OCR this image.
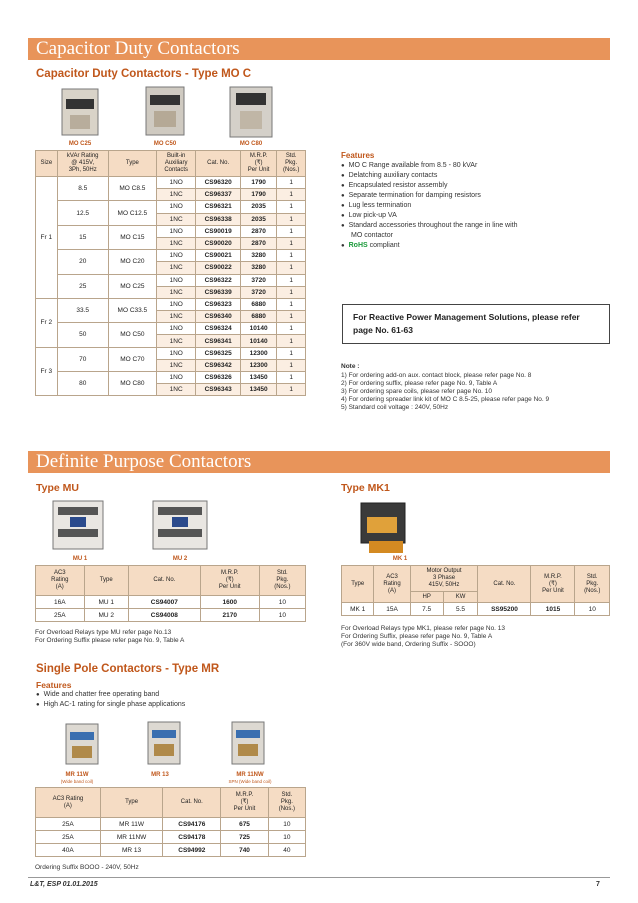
Capacitor Duty Contactors
Capacitor Duty Contactors - Type MO C
MO C25	MO C50	MO C80
Size	kVAr Rating
@ 415V,
3Ph, 50Hz	Type	Built-in
Auxiliary
Contacts	Cat. No.	M.R.P.
(₹)
Per Unit	Std.
Pkg.
(Nos.)
Fr 1	8.5	MO C8.5	1NO	CS96320	1790	1
			1NC	CS96337	1790	1
	12.5	MO C12.5	1NO	CS96321	2035	1
			1NC	CS96338	2035	1
	15	MO C15	1NO	CS90019	2870	1
			1NC	CS90020	2870	1
	20	MO C20	1NO	CS90021	3280	1
			1NC	CS90022	3280	1
	25	MO C25	1NO	CS96322	3720	1
			1NC	CS96339	3720	1
Fr 2	33.5	MO C33.5	1NO	CS96323	6880	1
			1NC	CS96340	6880	1
	50	MO C50	1NO	CS96324	10140	1
			1NC	CS96341	10140	1
Fr 3	70	MO C70	1NO	CS96325	12300	1
			1NC	CS96342	12300	1
	80	MO C80	1NO	CS96326	13450	1
			1NC	CS96343	13450	1
Features
● MO C Range available from 8.5 - 80 kVAr
● Delatching auxiliary contacts
● Encapsulated resistor assembly
● Separate termination for damping resistors
● Lug less termination
● Low pick-up VA
● Standard accessories throughout the range in line with
MO contactor
● RoHS compliant
For Reactive Power Management Solutions, please refer page No. 61-63
Note :
1) For ordering add-on aux. contact block, please refer page No. 8
2) For ordering suffix, please refer page No. 9, Table A
3) For ordering spare coils, please refer page No. 10
4) For ordering spreader link kit of MO C 8.5-25, please refer page No. 9
5) Standard coil voltage : 240V, 50Hz
Definite Purpose Contactors
Type MU
MU 1	MU 2
AC3
Rating
(A)	Type	Cat. No.	M.R.P.
(₹)
Per Unit	Std.
Pkg.
(Nos.)
16A	MU 1	CS94007	1600	10
25A	MU 2	CS94008	2170	10
For Overload Relays type MU refer page No.13
For Ordering Suffix please refer page No. 9, Table A
Type MK1
MK 1
Type	AC3
Rating
(A)	Motor Output
3 Phase
415V, 50Hz		Cat. No.	M.R.P.
(₹)
Per Unit	Std.
Pkg.
(Nos.)
		HP	KW			
MK 1	15A	7.5	5.5	SS95200	1015	10
For Overload Relays type MK1, please refer page No. 13
For Ordering Suffix, please refer page No. 9, Table A
(For 360V wide band, Ordering Suffix - SOOO)
Single Pole Contactors - Type MR
Features
● Wide and chatter free operating band
● High AC-1 rating for single phase applications
MR 11W
(Wide band coil)
MR 13	MR 11NW
SPN (Wide band coil)
AC3 Rating
(A)	Type	Cat. No.	M.R.P.
(₹)
Per Unit	Std.
Pkg.
(Nos.)
25A	MR 11W	CS94176	675	10
25A	MR 11NW	CS94178	725	10
40A	MR 13	CS94992	740	40
Ordering Suffix BOOO - 240V, 50Hz
L&T, ESP 01.01.2015	7
